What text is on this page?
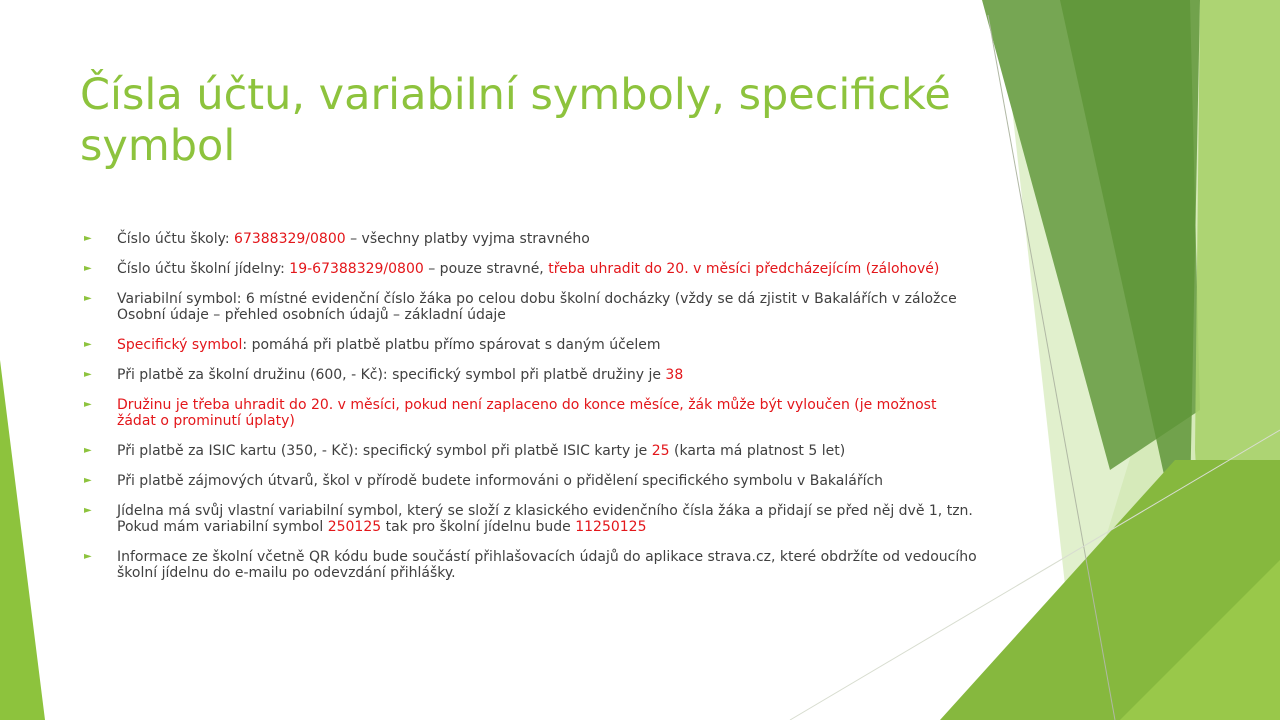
Čísla účtu, variabilní symboly, specifické symbol
► Číslo účtu školy: 67388329/0800 – všechny platby vyjma stravného
► Číslo účtu školní jídelny: 19-67388329/0800 – pouze stravné, třeba uhradit do 20. v měsíci předcházejícím (zálohové)
► Variabilní symbol: 6 místné evidenční číslo žáka po celou dobu školní docházky (vždy se dá zjistit v Bakalářích v záložce Osobní údaje – přehled osobních údajů – základní údaje
► Specifický symbol: pomáhá při platbě platbu přímo spárovat s daným účelem
► Při platbě za školní družinu (600, - Kč): specifický symbol při platbě družiny je 38
► Družinu je třeba uhradit do 20. v měsíci, pokud není zaplaceno do konce měsíce, žák může být vyloučen (je možnost žádat o prominutí úplaty)
► Při platbě za ISIC kartu (350, - Kč): specifický symbol při platbě ISIC karty je 25 (karta má platnost 5 let)
► Při platbě zájmových útvarů, škol v přírodě budete informováni o přidělení specifického symbolu v Bakalářích
► Jídelna má svůj vlastní variabilní symbol, který se složí z klasického evidenčního čísla žáka a přidají se před něj dvě 1, tzn. Pokud mám variabilní symbol 250125 tak pro školní jídelnu bude 11250125
► Informace ze školní včetně QR kódu bude součástí přihlašovacích údajů do aplikace strava.cz, které obdržíte od vedoucího školní jídelnu do e-mailu po odevzdání přihlášky.
